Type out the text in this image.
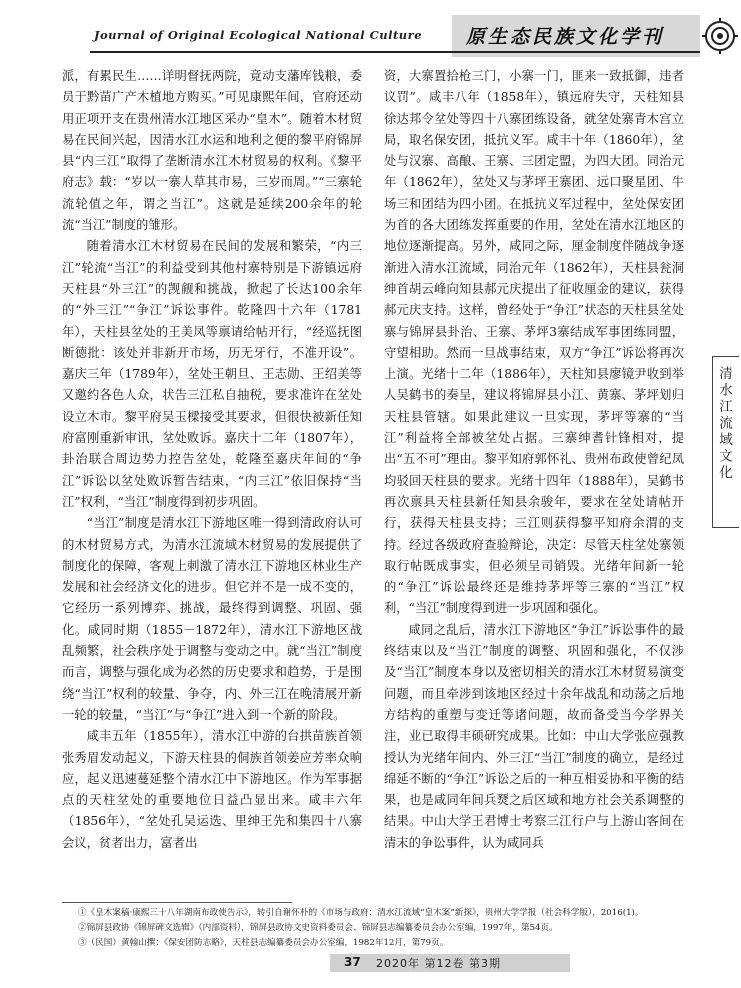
Journal of Original Ecological National Culture 原生态民族文化学刊

派，有累民生……详明督抚两院，竟动支藩库钱粮，委员于黔苗广产木植地方购买。”可见康熙年间，官府还动用正项开支在贵州清水江地区采办“皇木”。随着木材贸易在民间兴起，因清水江水运和地利之便的黎平府锦屏县“内三江”取得了垄断清水江木材贸易的权利。《黎平府志》载：“岁以一寨人草其市易，三岁而周。”“三寨轮流轮值之年，谓之当江”。这就是延续200余年的轮流“当江”制度的雏形。

随着清水江木材贸易在民间的发展和繁荣，“内三江”轮流“当江”的利益受到其他村寨特别是下游镇远府天柱县“外三江”的觊觎和挑战，掀起了长达100余年的“外三江”“争江”诉讼事件。乾隆四十六年（1781年），天柱县坌处的王美凤等禀请给帖开行，“经巡抚图断德批：该处并非新开市场，历无牙行，不准开设”。嘉庆三年（1789年），坌处王朝旦、王志勋、王绍美等又邀约各色人众，状告三江私自抽税，要求准许在坌处设立木市。黎平府吴玉樑接受其要求，但很快被新任知府富刚重新审讯，坌处败诉。嘉庆十二年（1807年），卦治联合周边势力控告坌处，乾隆至嘉庆年间的“争江”诉讼以坌处败诉暂告结束，“内三江”依旧保持“当江”权利，“当江”制度得到初步巩固。

“当江”制度是清水江下游地区唯一得到清政府认可的木材贸易方式，为清水江流域木材贸易的发展提供了制度化的保障，客观上刺激了清水江下游地区林业生产发展和社会经济文化的进步。但它并不是一成不变的，它经历一系列博弈、挑战，最终得到调整、巩固、强化。咸同时期（1855－1872年），清水江下游地区战乱频繁，社会秩序处于调整与变动之中。就“当江”制度而言，调整与强化成为必然的历史要求和趋势，于是围绕“当江”权利的较量、争夺，内、外三江在晚清展开新一轮的较量，“当江”与“争江”进入到一个新的阶段。

咸丰五年（1855年），清水江中游的台拱苗族首领张秀眉发动起义，下游天柱县的侗族首领姜应芳率众响应，起义迅速蔓延整个清水江中下游地区。作为军事据点的天柱坌处的重要地位日益凸显出来。咸丰六年（1856年），“坌处孔吴运选、里绅王先和集四十八寨会议，贫者出力，富者出

资，大寨置拾枪三门，小寨一门，匪来一致抵御，违者议罚”。咸丰八年（1858年），镇远府失守，天柱知县徐达邦令坌处等四十八寨团练设备，就坌处寨青木宫立局，取名保安团，抵抗义军。咸丰十年（1860年），坌处与汉寨、高酿、王寨、三团定盟，为四大团。同治元年（1862年），坌处又与茅坪王寨团、远口聚星团、牛场三和团结为四小团。在抵抗义军过程中，坌处保安团为首的各大团练发挥重要的作用，坌处在清水江地区的地位逐渐提高。另外，咸同之际，厘金制度伴随战争逐渐进入清水江流域，同治元年（1862年），天柱县瓮洞绅首胡云峰向知县郝元庆提出了征收厘金的建议，获得郝元庆支持。这样，曾经处于“争江”状态的天柱县坌处寨与锦屏县卦治、王寨、茅坪3寨结成军事团练同盟，守望相助。然而一旦战事结束，双方“争江”诉讼将再次上演。光绪十二年（1886年），天柱知县廖镜尹收到举人吴鹤书的奏呈，建议将锦屏县小江、黄寨、茅坪划归天柱县管辖。如果此建议一旦实现，茅坪等寨的“当江”利益将全部被坌处占据。三寨绅耆针锋相对，提出“五不可”理由。黎平知府郭怀礼、贵州布政使曾纪凤均驳回天柱县的要求。光绪十四年（1888年），吴鹤书再次禀具天柱县新任知县余骏年，要求在坌处请帖开行，获得天柱县支持；三江则获得黎平知府余渭的支持。经过各级政府查验辩论，决定：尽管天柱坌处寨领取行帖既成事实，但必须呈司销毁。光绪年间新一轮的“争江”诉讼最终还是维持茅坪等三寨的“当江”权利，“当江”制度得到进一步巩固和强化。

咸同之乱后，清水江下游地区“争江”诉讼事件的最终结束以及“当江”制度的调整、巩固和强化，不仅涉及“当江”制度本身以及密切相关的清水江木材贸易演变问题，而且牵涉到该地区经过十余年战乱和动荡之后地方结构的重塑与变迁等诸问题，故而备受当今学界关注，业已取得丰硕研究成果。比如：中山大学张应强教授认为光绪年间内、外三江“当江”制度的确立，是经过绵延不断的“争江”诉讼之后的一种互相妥协和平衡的结果，也是咸同年间兵燹之后区域和地方社会关系调整的结果。中山大学王君博士考察三江行户与上游山客间在清末的争讼事件，认为咸同兵

清水江流域文化
①《皇木案稿·康熙三十八年湖南布政使告示》，转引自谢怀朴的《市场与政府：清水江流域“皇木案”新探》，贵州大学学报（社会科学版），2016(1)。
②锦屏县政协《锦屏碑文选辑》（内部资料），锦屏县政协文史资料委员会、锦屏县志编纂委员会办公室编，1997年，第54页。
③（民国）黄翰山撰：《保安团防志略》，天柱县志编纂委员会办公室编，1982年12月，第79页。
37 2020年 第12卷 第3期
